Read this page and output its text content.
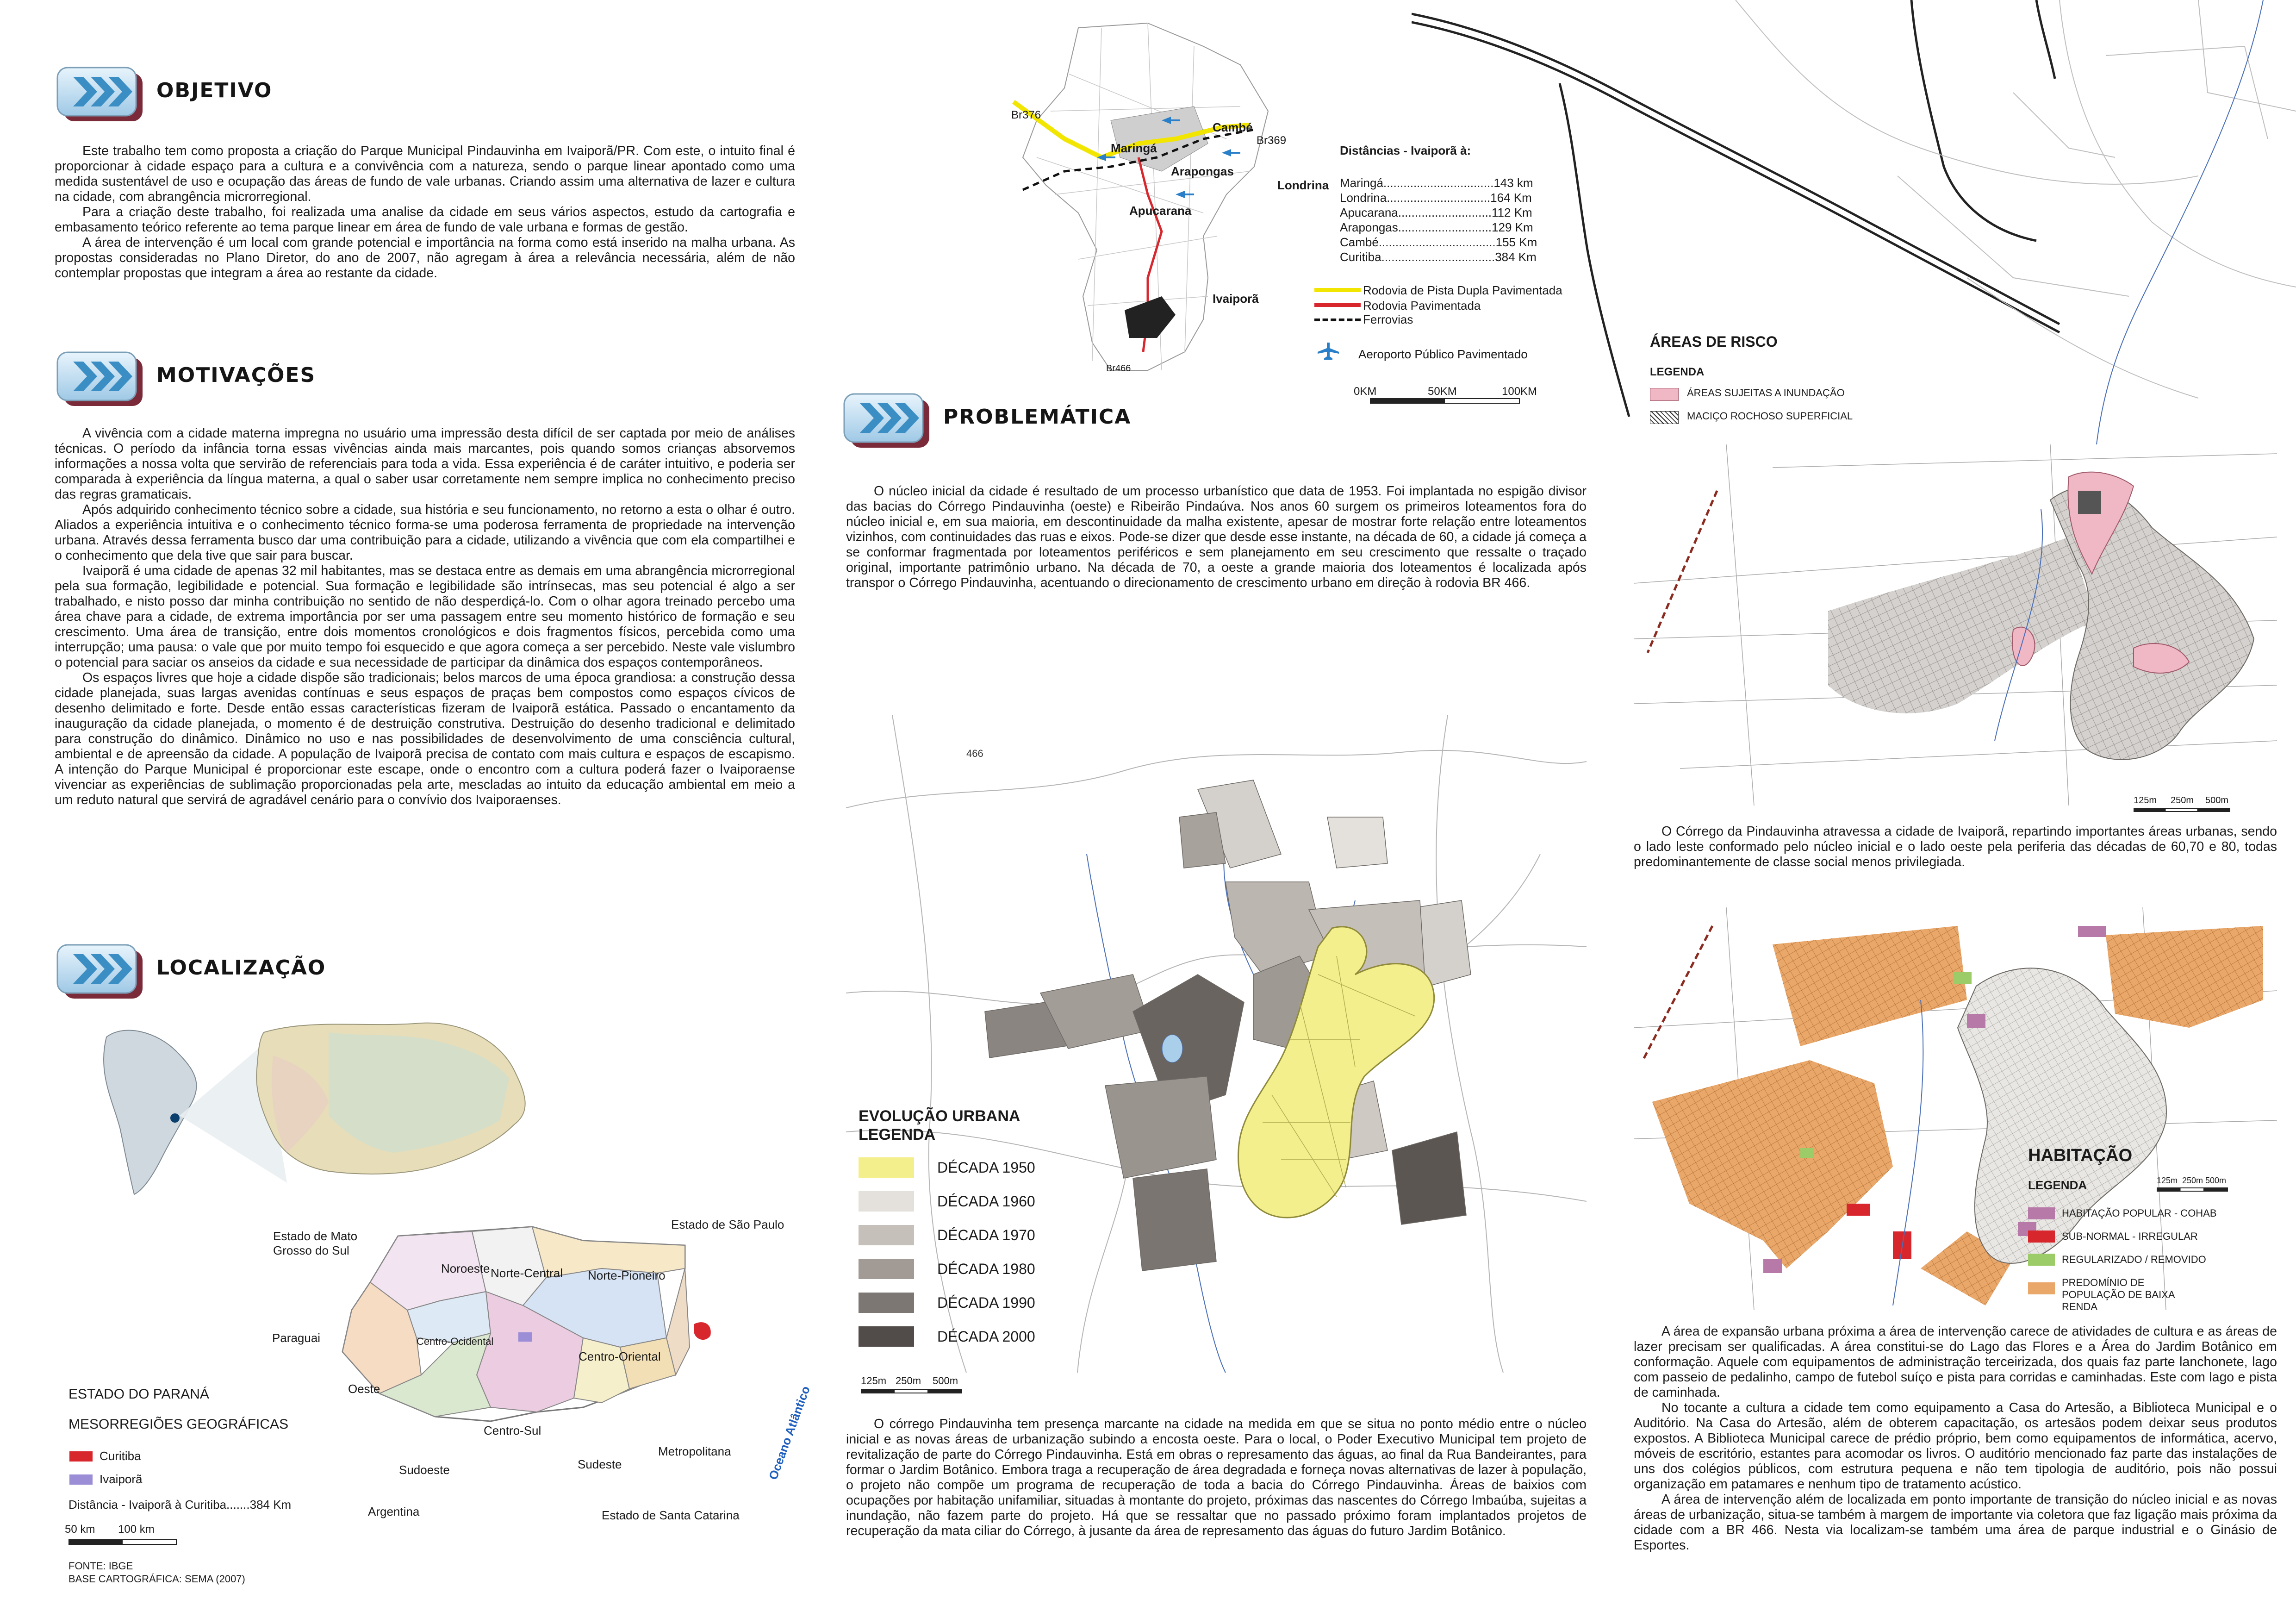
OBJETIVO

Este trabalho tem como proposta a criação do Parque Municipal Pindauvinha em Ivaiporã/PR. Com este, o intuito final é proporcionar à cidade espaço para a cultura e a convivência com a natureza, sendo o parque linear apontado como uma medida sustentável de uso e ocupação das áreas de fundo de vale urbanas. Criando assim uma alternativa de lazer e cultura na cidade, com abrangência microrregional.

Para a criação deste trabalho, foi realizada uma analise da cidade em seus vários aspectos, estudo da cartografia e embasamento teórico referente ao tema parque linear em área de fundo de vale urbana e formas de gestão.

A área de intervenção é um local com grande potencial e importância na forma como está inserido na malha urbana. As propostas consideradas no Plano Diretor, do ano de 2007, não agregam à área a relevância necessária, além de não contemplar propostas que integram a área ao restante da cidade.

MOTIVAÇÕES

A vivência com a cidade materna impregna no usuário uma impressão desta difícil de ser captada por meio de análises técnicas. O período da infância torna essas vivências ainda mais marcantes, pois quando somos crianças absorvemos informações a nossa volta que servirão de referenciais para toda a vida. Essa experiência é de caráter intuitivo, e poderia ser comparada à experiência da língua materna, a qual o saber usar corretamente nem sempre implica no conhecimento preciso das regras gramaticais.

Após adquirido conhecimento técnico sobre a cidade, sua história e seu funcionamento, no retorno a esta o olhar é outro. Aliados a experiência intuitiva e o conhecimento técnico forma-se uma poderosa ferramenta de propriedade na intervenção urbana. Através dessa ferramenta busco dar uma contribuição para a cidade, utilizando a vivência que com ela compartilhei e o conhecimento que dela tive que sair para buscar.

Ivaiporã é uma cidade de apenas 32 mil habitantes, mas se destaca entre as demais em uma abrangência microrregional pela sua formação, legibilidade e potencial. Sua formação e legibilidade são intrínsecas, mas seu potencial é algo a ser trabalhado, e nisto posso dar minha contribuição no sentido de não desperdiçá-lo. Com o olhar agora treinado percebo uma área chave para a cidade, de extrema importância por ser uma passagem entre seu momento histórico de formação e seu crescimento. Uma área de transição, entre dois momentos cronológicos e dois fragmentos físicos, percebida como uma interrupção; uma pausa: o vale que por muito tempo foi esquecido e que agora começa a ser percebido. Neste vale vislumbro o potencial para saciar os anseios da cidade e sua necessidade de participar da dinâmica dos espaços contemporâneos.

Os espaços livres que hoje a cidade dispõe são tradicionais; belos marcos de uma época grandiosa: a construção dessa cidade planejada, suas largas avenidas contínuas e seus espaços de praças bem compostos como espaços cívicos de desenho delimitado e forte. Desde então essas características fizeram de Ivaiporã estática. Passado o encantamento da inauguração da cidade planejada, o momento é de destruição construtiva. Destruição do desenho tradicional e delimitado para construção do dinâmico. Dinâmico no uso e nas possibilidades de desenvolvimento de uma consciência cultural, ambiental e de apreensão da cidade. A população de Ivaiporã precisa de contato com mais cultura e espaços de escapismo. A intenção do Parque Municipal é proporcionar este escape, onde o encontro com a cultura poderá fazer o Ivaiporaense vivenciar as experiências de sublimação proporcionadas pela arte, mescladas ao intuito da educação ambiental em meio a um reduto natural que servirá de agradável cenário para o convívio dos Ivaiporaenses.

LOCALIZAÇÃO
Noroeste Norte-Central Norte-Pioneiro
Centro-Ocidental
Centro-Oriental
Oeste
Centro-Sul
Sudoeste	Sudeste
Metropolitana
Estado de Mato Grosso do Sul
Estado de São Paulo
Paraguai
Argentina	Estado de Santa Catarina
Oceano Atlântico
ESTADO DO PARANÁ
MESORREGIÕES GEOGRÁFICAS
Curitiba
Ivaiporã
Distância - Ivaiporã à Curitiba.......384 Km
50 km 100 km
FONTE: IBGE
BASE CARTOGRÁFICA: SEMA (2007)
Br376
Br369
Br466
Maringá
Cambé
Arapongas
Londrina
Apucarana
Ivaiporã
Distâncias - Ivaiporã à:
Maringá.................................143 km
Londrina...............................164 Km
Apucarana............................112 Km
Arapongas............................129 Km
Cambé...................................155 Km
Curitiba..................................384 Km
Rodovia de Pista Dupla Pavimentada
Rodovia Pavimentada
Ferrovias
Aeroporto Público Pavimentado
0KM	50KM	100KM
PROBLEMÁTICA

O núcleo inicial da cidade é resultado de um processo urbanístico que data de 1953. Foi implantada no espigão divisor das bacias do Córrego Pindauvinha (oeste) e Ribeirão Pindaúva. Nos anos 60 surgem os primeiros loteamentos fora do núcleo inicial e, em sua maioria, em descontinuidade da malha existente, apesar de mostrar forte relação entre loteamentos vizinhos, com continuidades das ruas e eixos. Pode-se dizer que desde esse instante, na década de 60, a cidade já começa a se conformar fragmentada por loteamentos periféricos e sem planejamento em seu crescimento que ressalte o traçado original, importante patrimônio urbano. Na década de 70, a oeste a grande maioria dos loteamentos é localizada após transpor o Córrego Pindauvinha, acentuando o direcionamento de crescimento urbano em direção à rodovia BR 466.

466
EVOLUÇÃO URBANA
LEGENDA
DÉCADA 1950
DÉCADA 1960
DÉCADA 1970
DÉCADA 1980
DÉCADA 1990
DÉCADA 2000
125m 250m 500m

O córrego Pindauvinha tem presença marcante na cidade na medida em que se situa no ponto médio entre o núcleo inicial e as novas áreas de urbanização subindo a encosta oeste. Para o local, o Poder Executivo Municipal tem projeto de revitalização de parte do Córrego Pindauvinha. Está em obras o represamento das águas, ao final da Rua Bandeirantes, para formar o Jardim Botânico. Embora traga a recuperação de área degradada e forneça novas alternativas de lazer à população, o projeto não compõe um programa de recuperação de toda a bacia do Córrego Pindauvinha. Áreas de baixios com ocupações por habitação unifamiliar, situadas à montante do projeto, próximas das nascentes do Córrego Imbaúba, sujeitas a inundação, não fazem parte do projeto. Há que se ressaltar que no passado próximo foram implantados projetos de recuperação da mata ciliar do Córrego, à jusante da área de represamento das águas do futuro Jardim Botânico.

ÁREAS DE RISCO
LEGENDA
ÁREAS SUJEITAS A INUNDAÇÃO
MACIÇO ROCHOSO SUPERFICIAL
125m 250m 500m

O Córrego da Pindauvinha atravessa a cidade de Ivaiporã, repartindo importantes áreas urbanas, sendo o lado leste conformado pelo núcleo inicial e o lado oeste pela periferia das décadas de 60,70 e 80, todas predominantemente de classe social menos privilegiada.

HABITAÇÃO
LEGENDA	125m 250m 500m
HABITAÇÃO POPULAR - COHAB
SUB-NORMAL - IRREGULAR
REGULARIZADO / REMOVIDO
PREDOMÍNIO DE POPULAÇÃO DE BAIXA RENDA

A área de expansão urbana próxima a área de intervenção carece de atividades de cultura e as áreas de lazer precisam ser qualificadas. A área constitui-se do Lago das Flores e a Área do Jardim Botânico em conformação. Aquele com equipamentos de administração terceirizada, dos quais faz parte lanchonete, lago com passeio de pedalinho, campo de futebol suíço e pista para corridas e caminhadas. Este com lago e pista de caminhada.

No tocante a cultura a cidade tem como equipamento a Casa do Artesão, a Biblioteca Municipal e o Auditório. Na Casa do Artesão, além de obterem capacitação, os artesãos podem deixar seus produtos expostos. A Biblioteca Municipal carece de prédio próprio, bem como equipamentos de informática, acervo, móveis de escritório, estantes para acomodar os livros. O auditório mencionado faz parte das instalações de uns dos colégios públicos, com estrutura pequena e não tem tipologia de auditório, pois não possui organização em patamares e nenhum tipo de tratamento acústico.

A área de intervenção além de localizada em ponto importante de transição do núcleo inicial e as novas áreas de urbanização, situa-se também à margem de importante via coletora que faz ligação mais próxima da cidade com a BR 466. Nesta via localizam-se também uma área de parque industrial e o Ginásio de Esportes.
